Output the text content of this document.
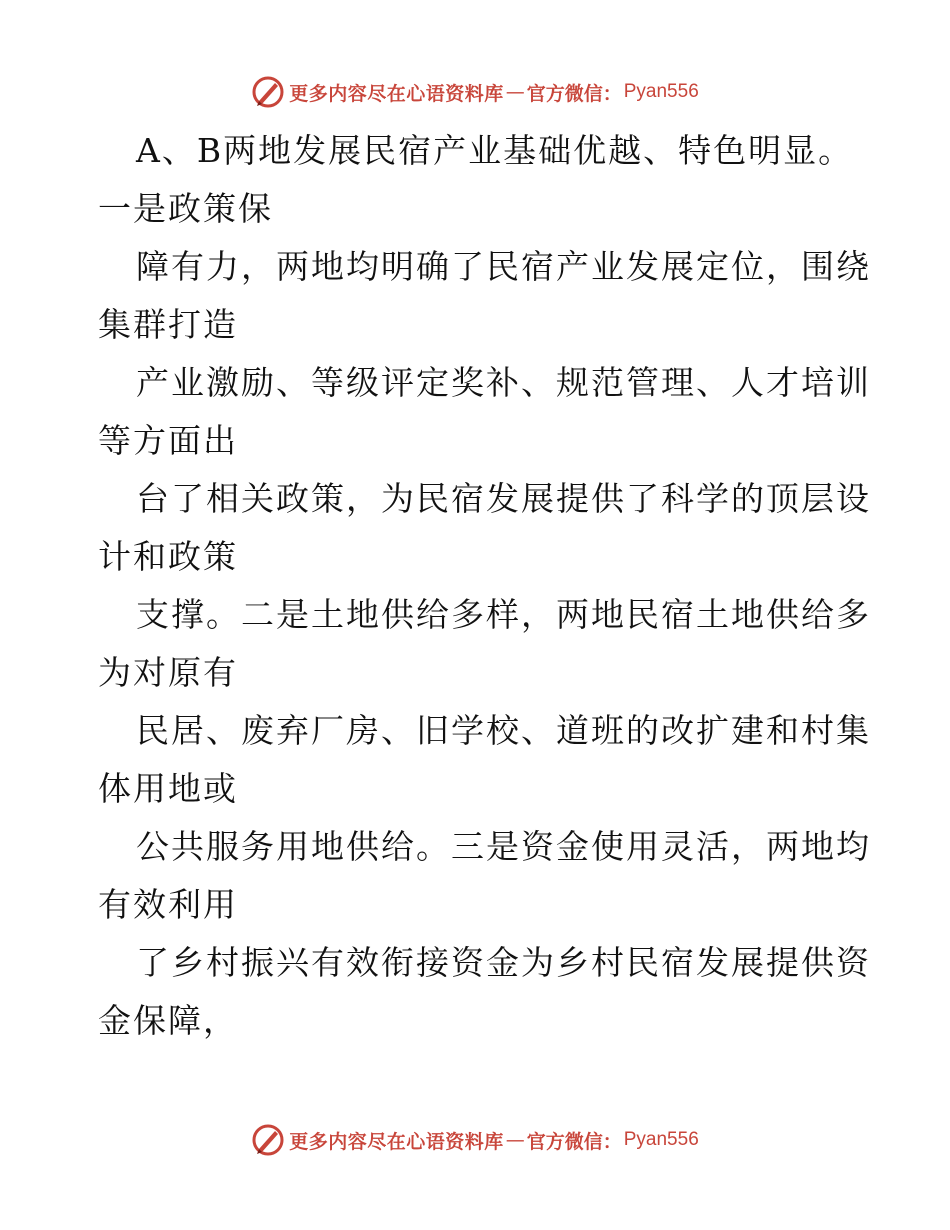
更多内容尽在心语资料库 — 官方微信： Pyan556
A、B两地发展民宿产业基础优越、特色明显。
一是政策保
障有力，两地均明确了民宿产业发展定位，围绕
集群打造
产业激励、等级评定奖补、规范管理、人才培训
等方面出
台了相关政策，为民宿发展提供了科学的顶层设
计和政策
支撑。二是土地供给多样，两地民宿土地供给多
为对原有
民居、废弃厂房、旧学校、道班的改扩建和村集
体用地或
公共服务用地供给。三是资金使用灵活，两地均
有效利用
了乡村振兴有效衔接资金为乡村民宿发展提供资
金保障，
更多内容尽在心语资料库 — 官方微信： Pyan556
